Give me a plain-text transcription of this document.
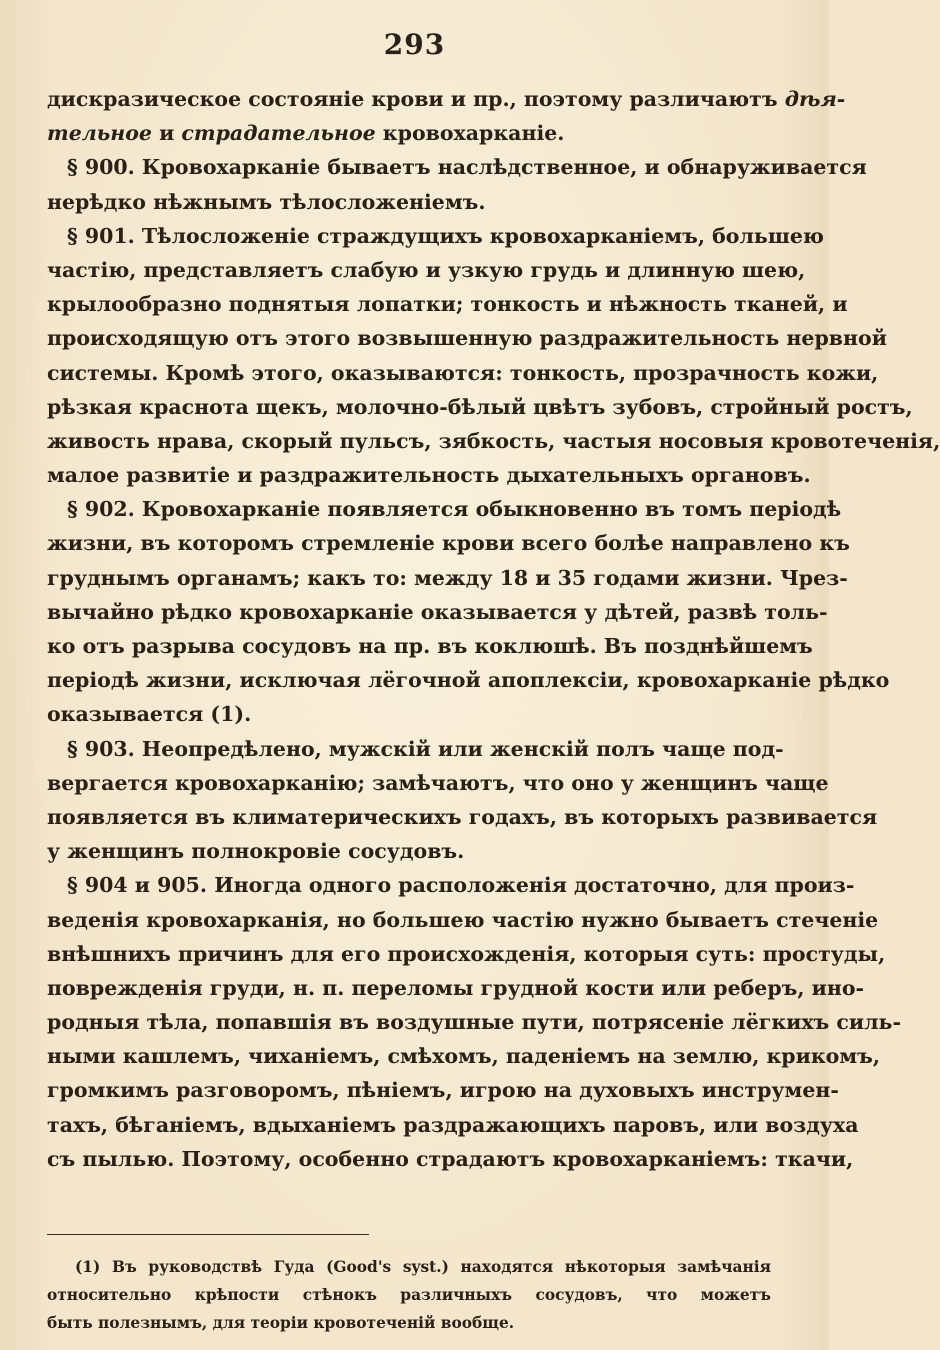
293
дискразическое состояніе крови и пр., поэтому различаютъ дѣя-
тельное и страдательное кровохарканіе.
§ 900. Кровохарканіе бываетъ наслѣдственное, и обнаруживается
нерѣдко нѣжнымъ тѣлосложеніемъ.
§ 901. Тѣлосложеніе страждущихъ кровохарканіемъ, большею
частію, представляетъ слабую и узкую грудь и длинную шею,
крылообразно поднятыя лопатки; тонкость и нѣжность тканей, и
происходящую отъ этого возвышенную раздражительность нервной
системы. Кромѣ этого, оказываются: тонкость, прозрачность кожи,
рѣзкая краснота щекъ, молочно-бѣлый цвѣтъ зубовъ, стройный ростъ,
живость нрава, скорый пульсъ, зябкость, частыя носовыя кровотеченія,
малое развитіе и раздражительность дыхательныхъ органовъ.
§ 902. Кровохарканіе появляется обыкновенно въ томъ періодѣ
жизни, въ которомъ стремленіе крови всего болѣе направлено къ
груднымъ органамъ; какъ то: между 18 и 35 годами жизни. Чрез-
вычайно рѣдко кровохарканіе оказывается у дѣтей, развѣ толь-
ко отъ разрыва сосудовъ на пр. въ коклюшѣ. Въ позднѣйшемъ
періодѣ жизни, исключая лёгочной апоплексіи, кровохарканіе рѣдко
оказывается (1).
§ 903. Неопредѣлено, мужскій или женскій полъ чаще под-
вергается кровохарканію; замѣчаютъ, что оно у женщинъ чаще
появляется въ климатерическихъ годахъ, въ которыхъ развивается
у женщинъ полнокровіе сосудовъ.
§ 904 и 905. Иногда одного расположенія достаточно, для произ-
веденія кровохарканія, но большею частію нужно бываетъ стеченіе
внѣшнихъ причинъ для его происхожденія, которыя суть: простуды,
поврежденія груди, н. п. переломы грудной кости или реберъ, ино-
родныя тѣла, попавшія въ воздушные пути, потрясеніе лёгкихъ силь-
ными кашлемъ, чиханіемъ, смѣхомъ, паденіемъ на землю, крикомъ,
громкимъ разговоромъ, пѣніемъ, игрою на духовыхъ инструмен-
тахъ, бѣганіемъ, вдыханіемъ раздражающихъ паровъ, или воздуха
съ пылью. Поэтому, особенно страдаютъ кровохарканіемъ: ткачи,
(1) Въ руководствѣ Гуда (Good's syst.) находятся нѣкоторыя замѣчанія
относительно крѣпости стѣнокъ различныхъ сосудовъ, что можетъ
быть полезнымъ, для теоріи кровотеченій вообще.
